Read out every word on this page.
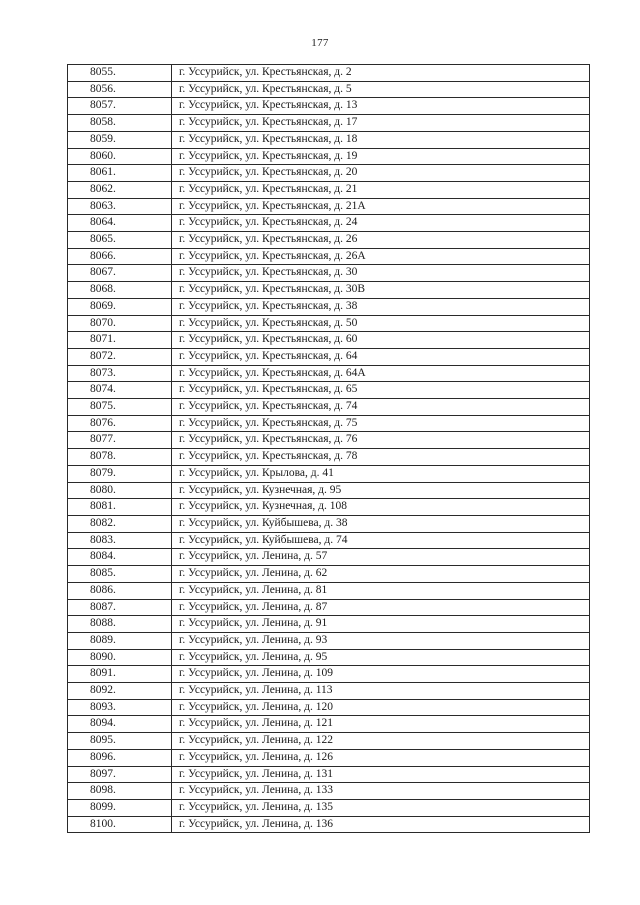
177
8055.	г. Уссурийск, ул. Крестьянская, д. 2
8056.	г. Уссурийск, ул. Крестьянская, д. 5
8057.	г. Уссурийск, ул. Крестьянская, д. 13
8058.	г. Уссурийск, ул. Крестьянская, д. 17
8059.	г. Уссурийск, ул. Крестьянская, д. 18
8060.	г. Уссурийск, ул. Крестьянская, д. 19
8061.	г. Уссурийск, ул. Крестьянская, д. 20
8062.	г. Уссурийск, ул. Крестьянская, д. 21
8063.	г. Уссурийск, ул. Крестьянская, д. 21А
8064.	г. Уссурийск, ул. Крестьянская, д. 24
8065.	г. Уссурийск, ул. Крестьянская, д. 26
8066.	г. Уссурийск, ул. Крестьянская, д. 26А
8067.	г. Уссурийск, ул. Крестьянская, д. 30
8068.	г. Уссурийск, ул. Крестьянская, д. 30В
8069.	г. Уссурийск, ул. Крестьянская, д. 38
8070.	г. Уссурийск, ул. Крестьянская, д. 50
8071.	г. Уссурийск, ул. Крестьянская, д. 60
8072.	г. Уссурийск, ул. Крестьянская, д. 64
8073.	г. Уссурийск, ул. Крестьянская, д. 64А
8074.	г. Уссурийск, ул. Крестьянская, д. 65
8075.	г. Уссурийск, ул. Крестьянская, д. 74
8076.	г. Уссурийск, ул. Крестьянская, д. 75
8077.	г. Уссурийск, ул. Крестьянская, д. 76
8078.	г. Уссурийск, ул. Крестьянская, д. 78
8079.	г. Уссурийск, ул. Крылова, д. 41
8080.	г. Уссурийск, ул. Кузнечная, д. 95
8081.	г. Уссурийск, ул. Кузнечная, д. 108
8082.	г. Уссурийск, ул. Куйбышева, д. 38
8083.	г. Уссурийск, ул. Куйбышева, д. 74
8084.	г. Уссурийск, ул. Ленина, д. 57
8085.	г. Уссурийск, ул. Ленина, д. 62
8086.	г. Уссурийск, ул. Ленина, д. 81
8087.	г. Уссурийск, ул. Ленина, д. 87
8088.	г. Уссурийск, ул. Ленина, д. 91
8089.	г. Уссурийск, ул. Ленина, д. 93
8090.	г. Уссурийск, ул. Ленина, д. 95
8091.	г. Уссурийск, ул. Ленина, д. 109
8092.	г. Уссурийск, ул. Ленина, д. 113
8093.	г. Уссурийск, ул. Ленина, д. 120
8094.	г. Уссурийск, ул. Ленина, д. 121
8095.	г. Уссурийск, ул. Ленина, д. 122
8096.	г. Уссурийск, ул. Ленина, д. 126
8097.	г. Уссурийск, ул. Ленина, д. 131
8098.	г. Уссурийск, ул. Ленина, д. 133
8099.	г. Уссурийск, ул. Ленина, д. 135
8100.	г. Уссурийск, ул. Ленина, д. 136
